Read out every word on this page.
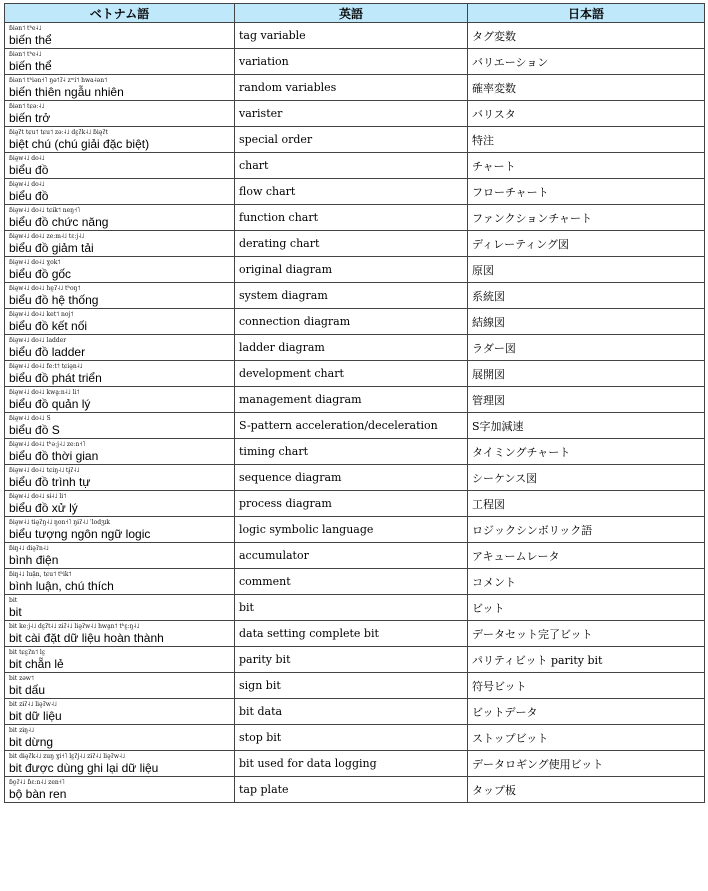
ベトナム語	英語	日本語

ɓiən˦ tʰe˨˩
biến thể	tag variable	タグ変数

ɓiən˦ tʰe˨˩
biến thể	variation	バリエーション

ɓiən˦ tʰiən˧˥ ŋə˦ʔ˨ zʷi˦ hwa˨ən˦
biến thiên ngẫu nhiên	random variables	確率変数

ɓiən˦ tɕəː˨˩
biến trở	varister	バリスタ

ɓiə̰ʔt tɕu˦ tɕu˦ zəː˨˩ dɛ̰ʔk˨˩ ɓiə̰ʔt
biệt chú (chú giải đặc biệt)	special order	特注

ɓiə̰w˨˩ do˨˩
biểu đồ	chart	チャート

ɓiə̰w˨˩ do˨˩
biểu đồ	flow chart	フローチャート

ɓiə̰w˨˩ do˨˩ tɕɨk˦ neŋ˧˥
biểu đồ chức năng	function chart	ファンクションチャート

ɓiə̰w˨˩ do˨˩ zeːm˨˩ tɛːj˨˩
biểu đồ giảm tải	derating chart	ディレーティング図

ɓiə̰w˨˩ do˨˩ ɣok˦
biểu đồ gốc	original diagram	原図

ɓiə̰w˨˩ do˨˩ hḛʔ˨˩ tʰoŋ˦
biểu đồ hệ thống	system diagram	系統図

ɓiə̰w˨˩ do˨˩ ket˦ noj˦
biểu đồ kết nối	connection diagram	結線図

ɓiə̰w˨˩ do˨˩ ladder
biểu đồ ladder	ladder diagram	ラダー図

ɓiə̰w˨˩ do˨˩ feːt˦ tɕiə̰n˨˩
biểu đồ phát triển	development chart	展開図

ɓiə̰w˨˩ do˨˩ kwa̰ːn˨˩ li˦
biểu đồ quản lý	management diagram	管理図

ɓiə̰w˨˩ do˨˩ S
biểu đồ S	S-pattern acceleration/deceleration	S字加減速

ɓiə̰w˨˩ do˨˩ tʰəːj˨˩ zeːn˧˥
biểu đồ thời gian	timing chart	タイミングチャート

ɓiə̰w˨˩ do˨˩ tɕiŋ˨˩ tɨ̰ʔ˨˩
biểu đồ trình tự	sequence diagram	シーケンス図

ɓiə̰w˨˩ do˨˩ sɨ˨˩ li˦
biểu đồ xử lý	process diagram	工程図

ɓiə̰w˨˩ tɨə̰ʔŋ˨˩ ŋon˧˥ ŋɨʔ˨˩ ˈlodʒɪk
biểu tượng ngôn ngữ logic	logic symbolic language	ロジックシンボリック語

ɓiŋ˨˩ diə̰ʔn˨˩
bình điện	accumulator	アキュームレータ

ɓiŋ˨˩ luận, tɕu˦ tʰik˦
bình luận, chú thích	comment	コメント

bit
bit	bit	ビット

bit keːj˨˩ dɛ̰ʔt˨˩ zɨʔ˨˩ liə̰ʔw˨˩ hwa̰n˦ tʰɛ̰ːŋ˨˩
bit cài đặt dữ liệu hoàn thành	data setting complete bit	データセット完了ビット

bit tɕɛ̰ʔn˦ lɛ̰
bit chẵn lẻ	parity bit	パリティビット parity bit

bit zəw˦
bit dấu	sign bit	符号ビット

bit zɨʔ˨˩ liə̰ʔw˨˩
bit dữ liệu	bit data	ビットデータ

bit zɨŋ˨˩
bit dừng	stop bit	ストップビット

bit dɨə̰ʔk˨˩ zuŋ ɣi˧˥ lɛ̰ʔj˨˩ zɨʔ˨˩ liə̰ʔw˨˩
bit được dùng ghi lại dữ liệu	bit used for data logging	データロギング使用ビット

ɓo̰ʔ˨˩ ɓɛːn˨˩ zen˧˥
bộ bàn ren	tap plate	タップ板
